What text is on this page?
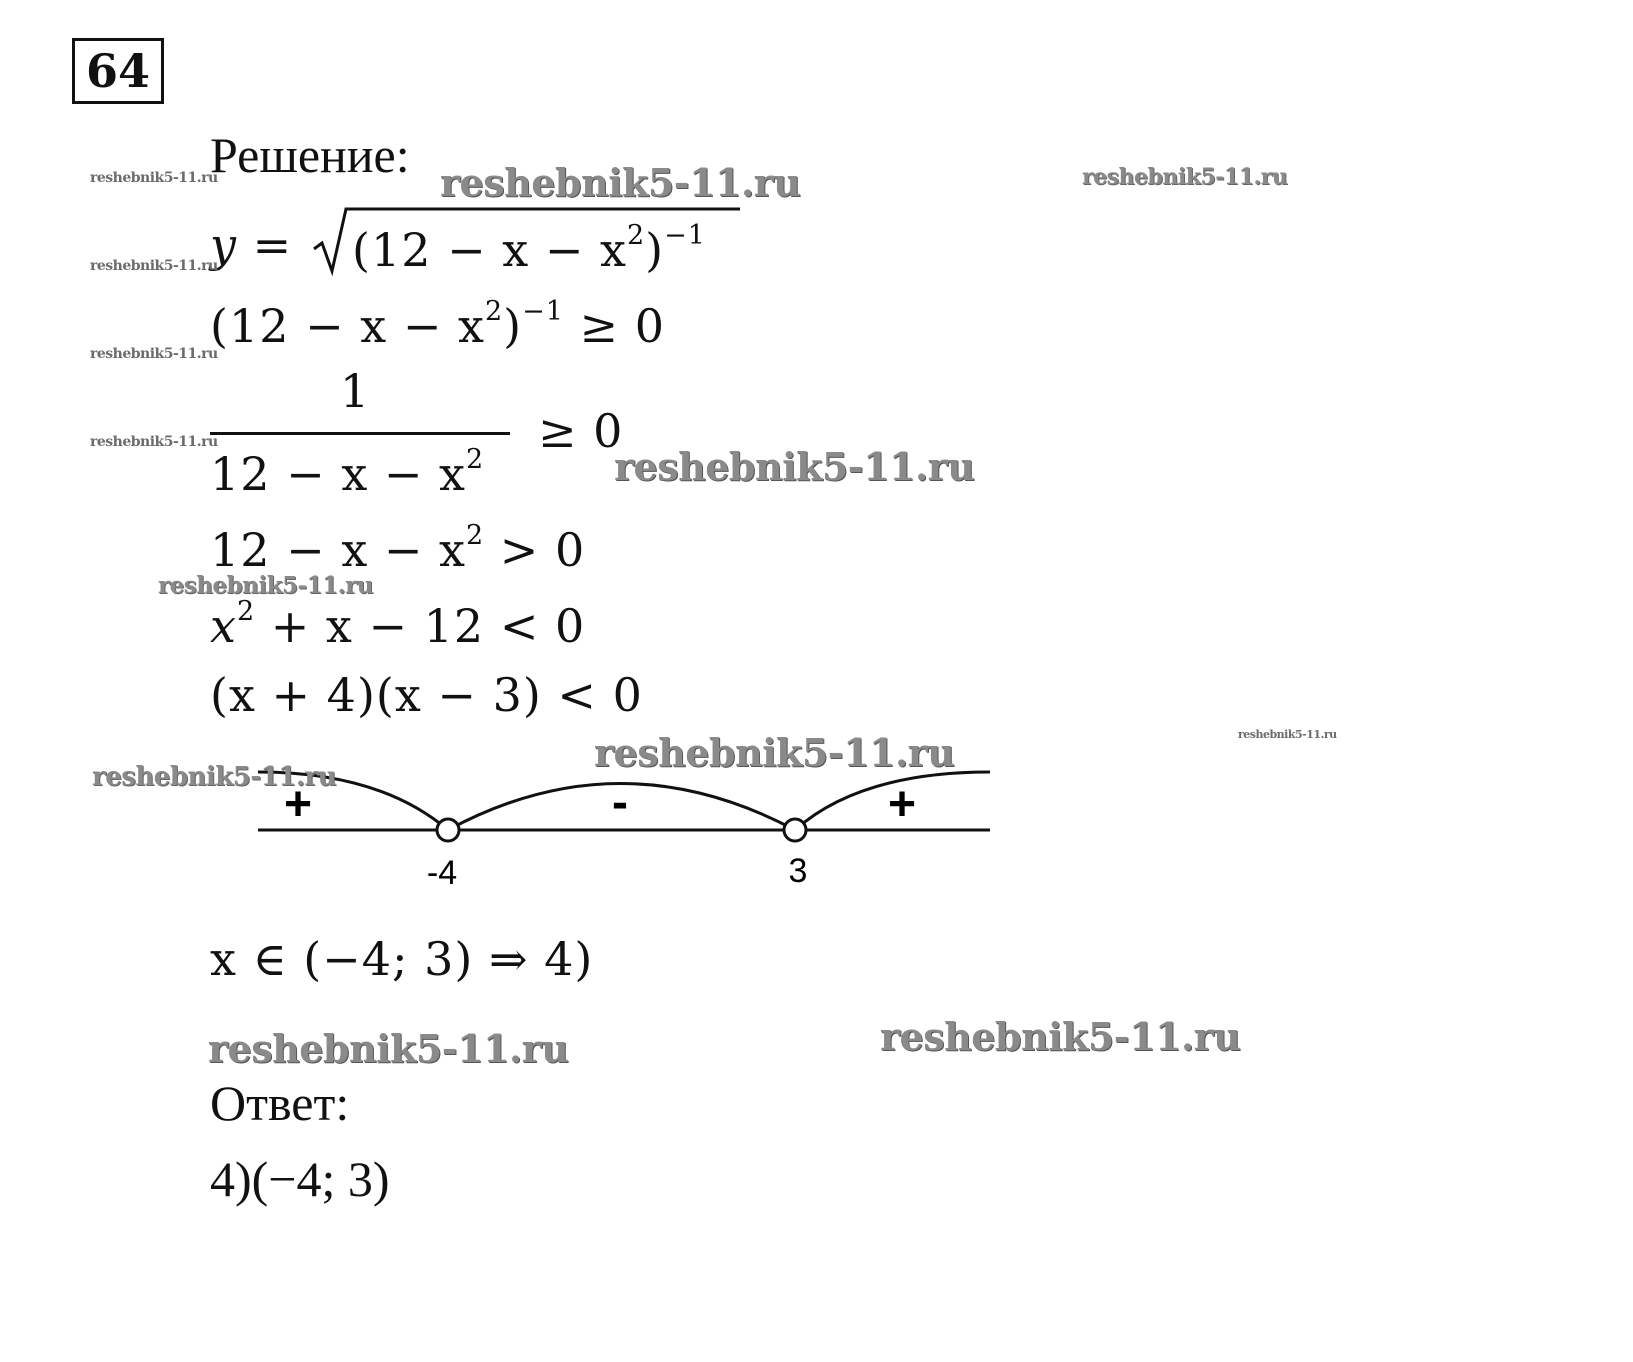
64
Решение:
$y = (12 - x - x^2)^{-1}$
$(12 - x - x^2)^{-1} \ge 0$
1
$12 - x - x^2$
≥ 0
$12 - x - x^2 > 0$
$x^2 + x - 12 < 0$
(x + 4)(x − 3) < 0
+	-	+
-4	3
x ∈ (−4; 3) ⇒ 4)
Ответ:
4)(−4; 3)
reshebnik5-11.ru
reshebnik5-11.ru	reshebnik5-11.ru
reshebnik5-11.ru
reshebnik5-11.ru
reshebnik5-11.ru
reshebnik5-11.ru
reshebnik5-11.ru
reshebnik5-11.ru	reshebnik5-11.ru
reshebnik5-11.ru
reshebnik5-11.ru	reshebnik5-11.ru
